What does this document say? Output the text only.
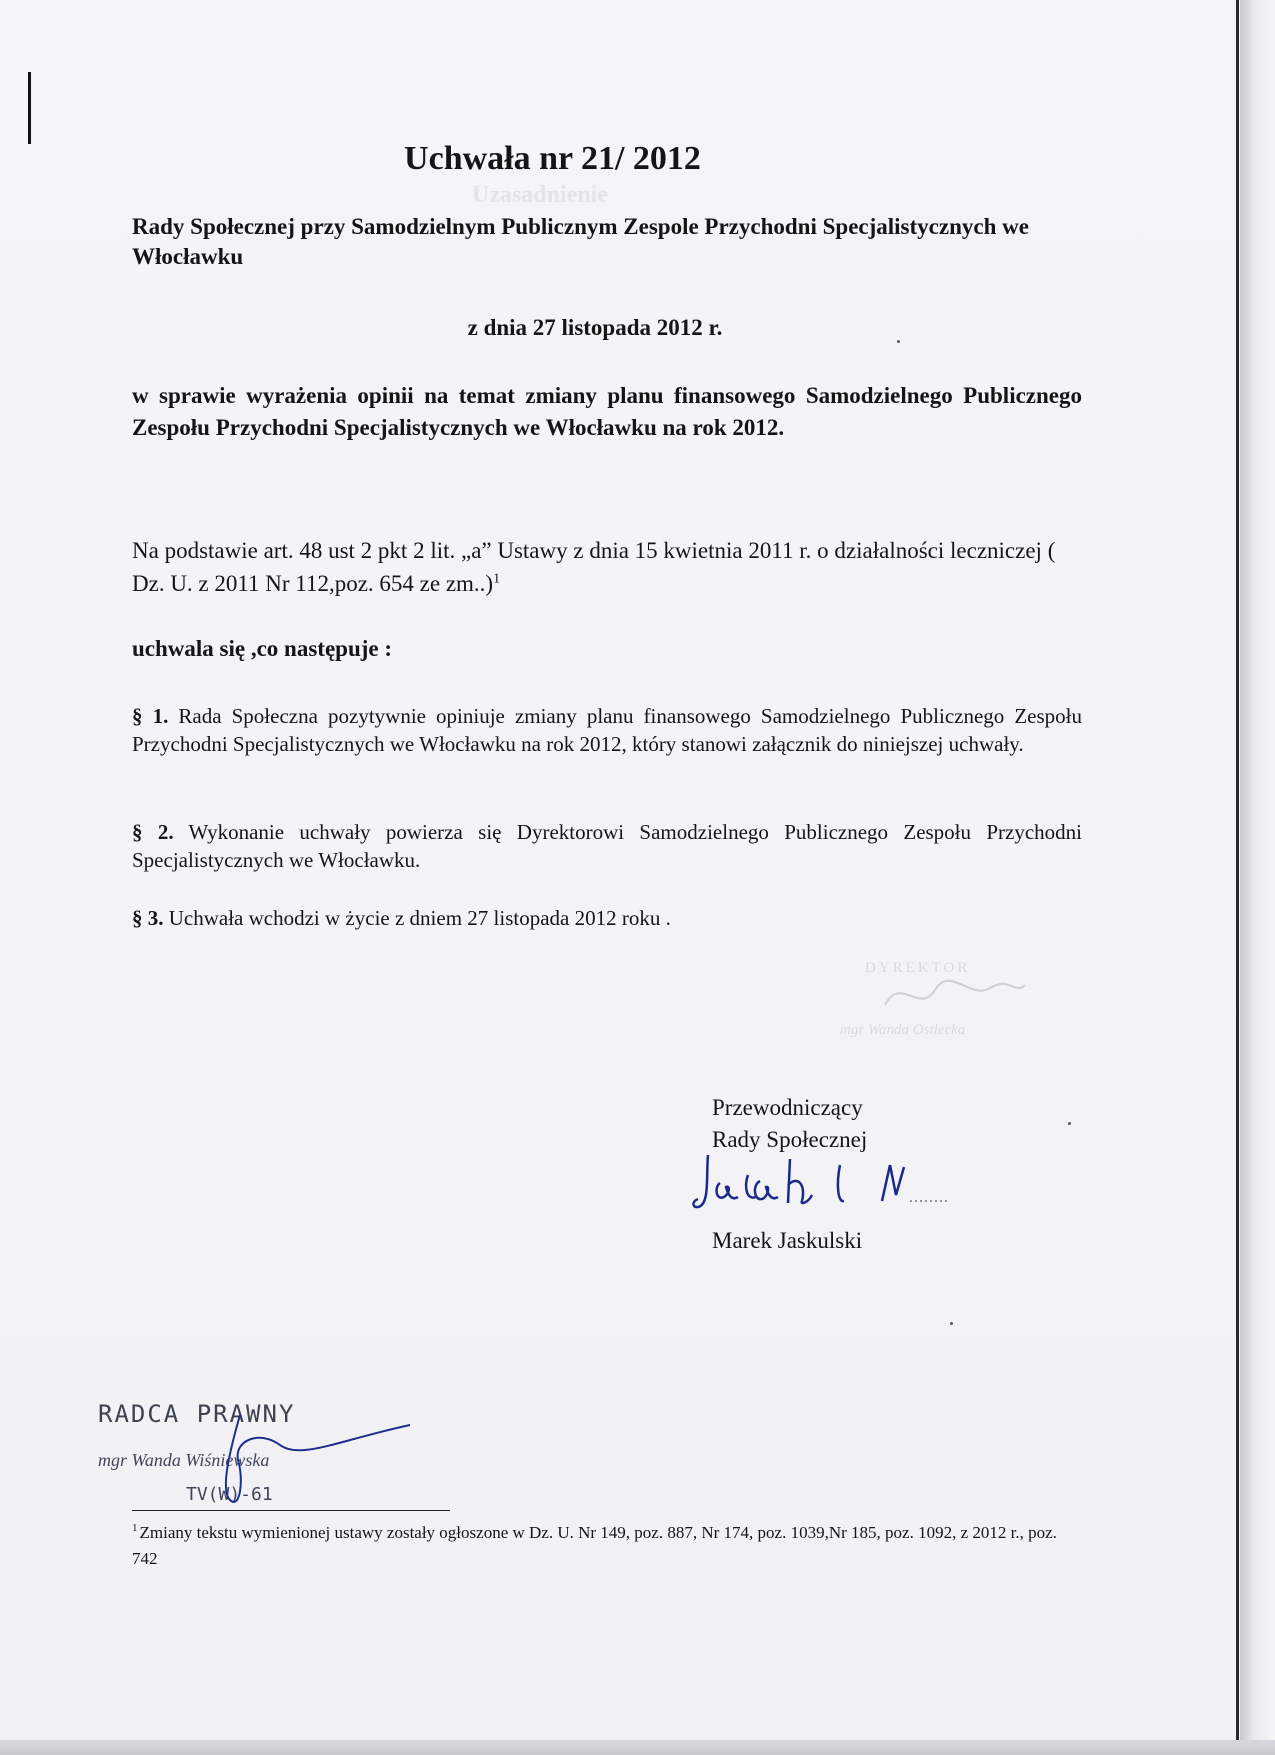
Uzasadnienie

Uchwała nr 21/ 2012
Rady Społecznej przy Samodzielnym Publicznym Zespole Przychodni Specjalistycznych we Włocławku
z dnia 27 listopada 2012 r.
w sprawie wyrażenia opinii na temat zmiany planu finansowego Samodzielnego Publicznego Zespołu Przychodni Specjalistycznych we Włocławku na rok 2012.
Na podstawie art. 48 ust 2 pkt 2 lit. „a” Ustawy z dnia 15 kwietnia 2011 r. o działalności leczniczej ( Dz. U. z 2011 Nr 112,poz. 654 ze zm..)$^1$
uchwala się ,co następuje :
§ 1. Rada Społeczna pozytywnie opiniuje zmiany planu finansowego Samodzielnego Publicznego Zespołu Przychodni Specjalistycznych we Włocławku na rok 2012, który stanowi załącznik do niniejszej uchwały.
§ 2. Wykonanie uchwały powierza się Dyrektorowi Samodzielnego Publicznego Zespołu Przychodni Specjalistycznych we Włocławku.
§ 3. Uchwała wchodzi w życie z dniem 27 listopada 2012 roku .
DYREKTOR
mgr Wanda Ostlecka
Przewodniczący
Rady Społecznej
Marek Jaskulski
RADCA PRAWNY
mgr Wanda Wiśniewska
TV(W)-61
$^1$ Zmiany tekstu wymienionej ustawy zostały ogłoszone w Dz. U. Nr 149, poz. 887, Nr 174, poz. 1039,Nr 185, poz. 1092, z 2012 r., poz. 742
